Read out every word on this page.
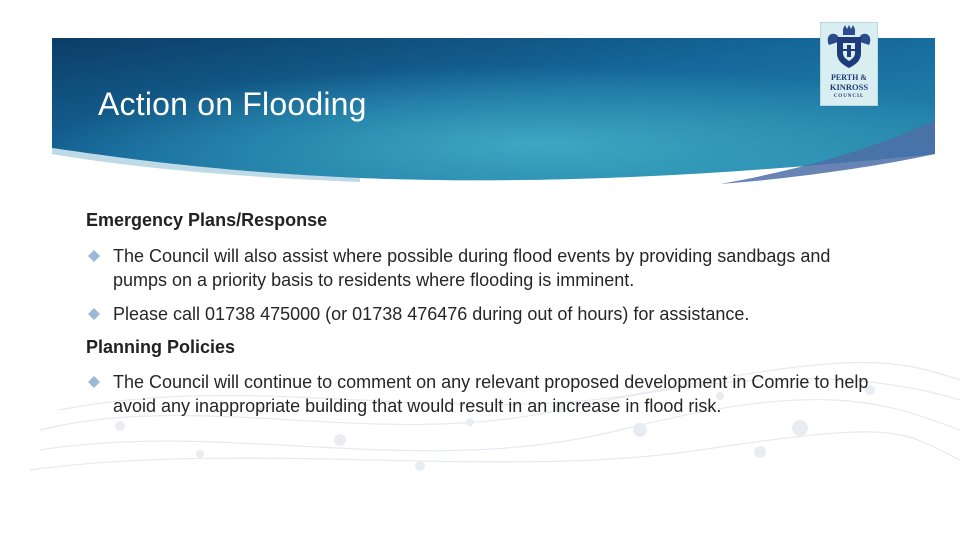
Action on Flooding
PERTH &
KINROSS
COUNCIL
Emergency Plans/Response
The Council will also assist where possible during flood events by providing sandbags and pumps on a priority basis to residents where flooding is imminent.
Please call 01738 475000 (or 01738 476476 during out of hours) for assistance.
Planning Policies
The Council will continue to comment on any relevant proposed development in Comrie to help avoid any inappropriate building that would result in an increase in flood risk.
